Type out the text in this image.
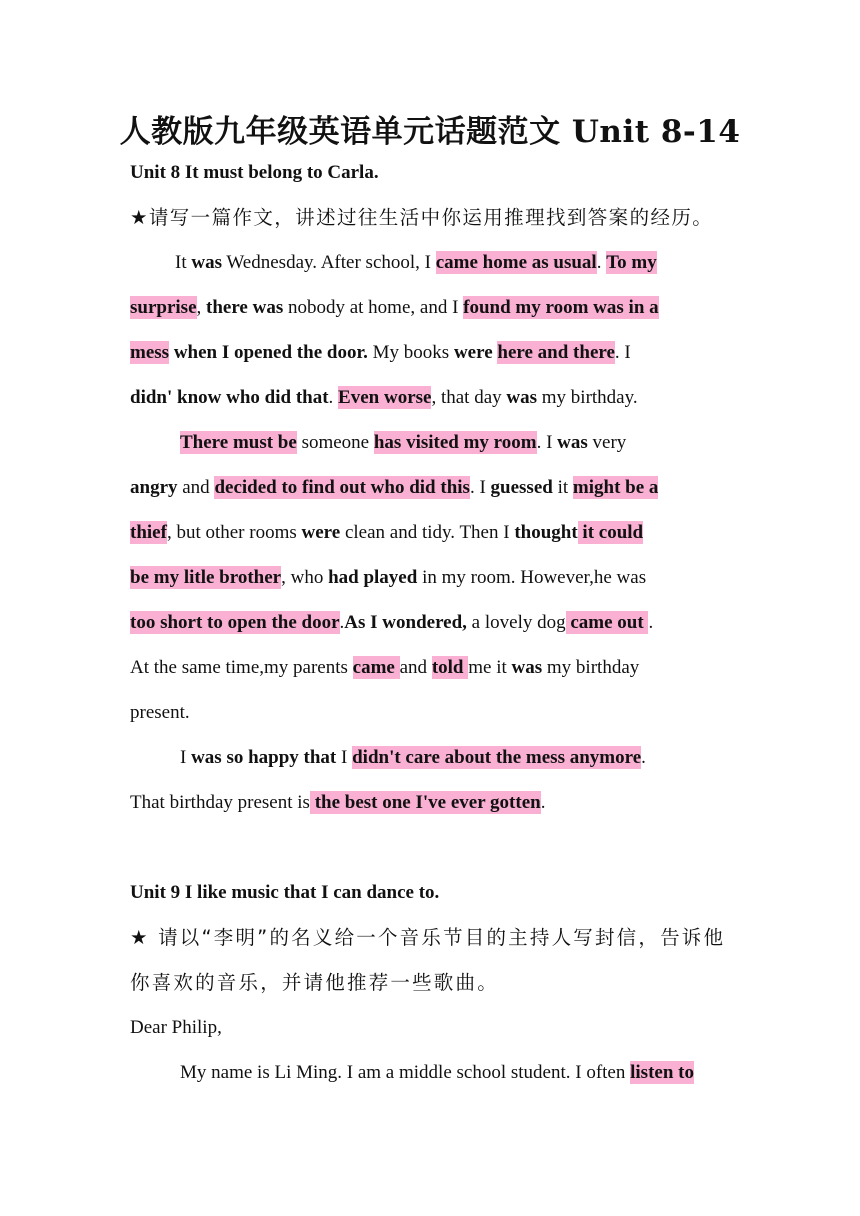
人教版九年级英语单元话题范文 Unit 8-14
Unit 8 It must belong to Carla.
★请写一篇作文，讲述过往生活中你运用推理找到答案的经历。
It was Wednesday. After school, I came home as usual. To my
surprise, there was nobody at home, and I found my room was in a
mess when I opened the door. My books were here and there. I
didn' know who did that. Even worse, that day was my birthday.
There must be someone has visited my room. I was very
angry and decided to find out who did this. I guessed it might be a
thief, but other rooms were clean and tidy. Then I thought it could
be my litle brother, who had played in my room. However,he was
too short to open the door.As I wondered, a lovely dog came out .
At the same time,my parents came and told me it was my birthday
present.
I was so happy that I didn't care about the mess anymore.
That birthday present is the best one I've ever gotten.
Unit 9 I like music that I can dance to.
★ 请以“李明”的名义给一个音乐节目的主持人写封信，告诉他
你喜欢的音乐，并请他推荐一些歌曲。
Dear Philip,
My name is Li Ming. I am a middle school student. I often listen to
